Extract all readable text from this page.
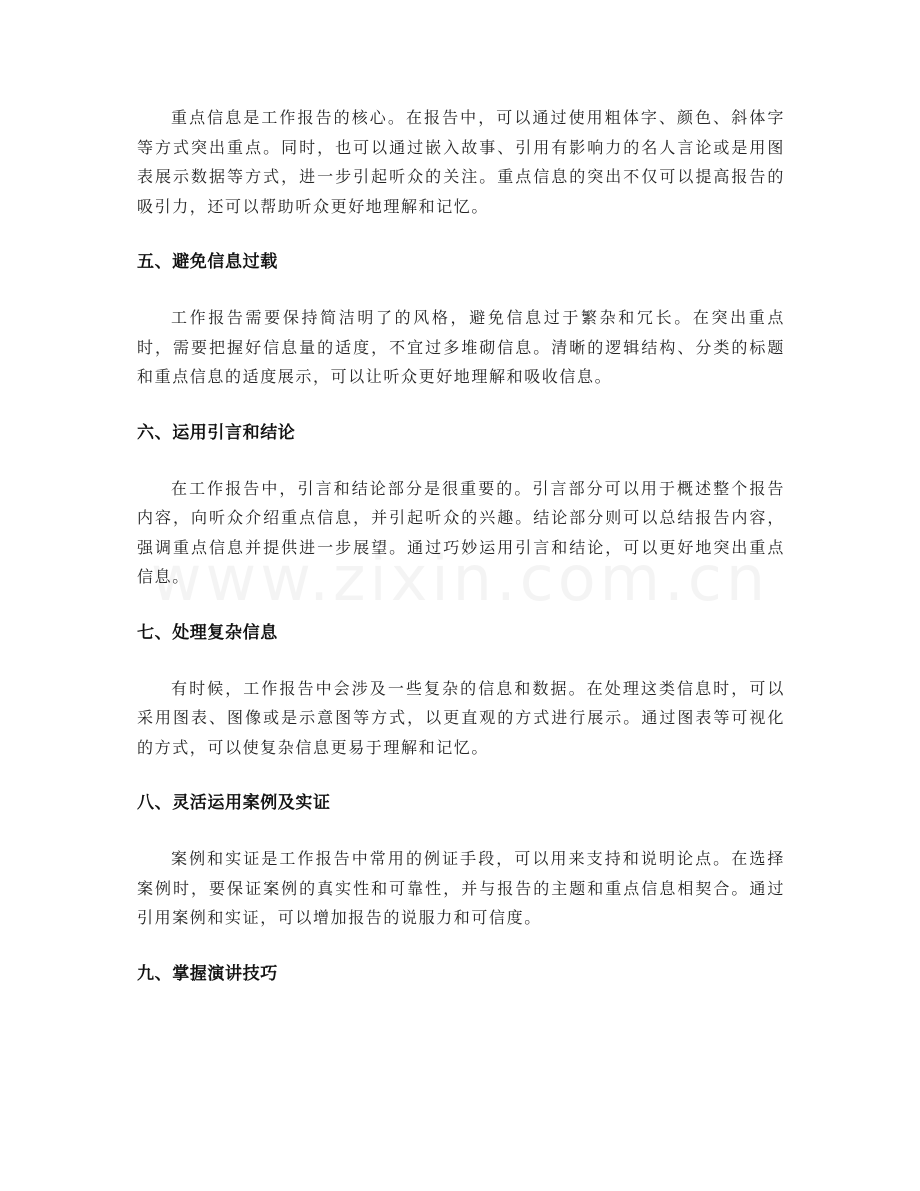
重点信息是工作报告的核心。在报告中，可以通过使用粗体字、颜色、斜体字等方式突出重点。同时，也可以通过嵌入故事、引用有影响力的名人言论或是用图表展示数据等方式，进一步引起听众的关注。重点信息的突出不仅可以提高报告的吸引力，还可以帮助听众更好地理解和记忆。

五、避免信息过载

工作报告需要保持简洁明了的风格，避免信息过于繁杂和冗长。在突出重点时，需要把握好信息量的适度，不宜过多堆砌信息。清晰的逻辑结构、分类的标题和重点信息的适度展示，可以让听众更好地理解和吸收信息。

六、运用引言和结论

在工作报告中，引言和结论部分是很重要的。引言部分可以用于概述整个报告内容，向听众介绍重点信息，并引起听众的兴趣。结论部分则可以总结报告内容，强调重点信息并提供进一步展望。通过巧妙运用引言和结论，可以更好地突出重点信息。

七、处理复杂信息

有时候，工作报告中会涉及一些复杂的信息和数据。在处理这类信息时，可以采用图表、图像或是示意图等方式，以更直观的方式进行展示。通过图表等可视化的方式，可以使复杂信息更易于理解和记忆。

八、灵活运用案例及实证

案例和实证是工作报告中常用的例证手段，可以用来支持和说明论点。在选择案例时，要保证案例的真实性和可靠性，并与报告的主题和重点信息相契合。通过引用案例和实证，可以增加报告的说服力和可信度。

九、掌握演讲技巧
